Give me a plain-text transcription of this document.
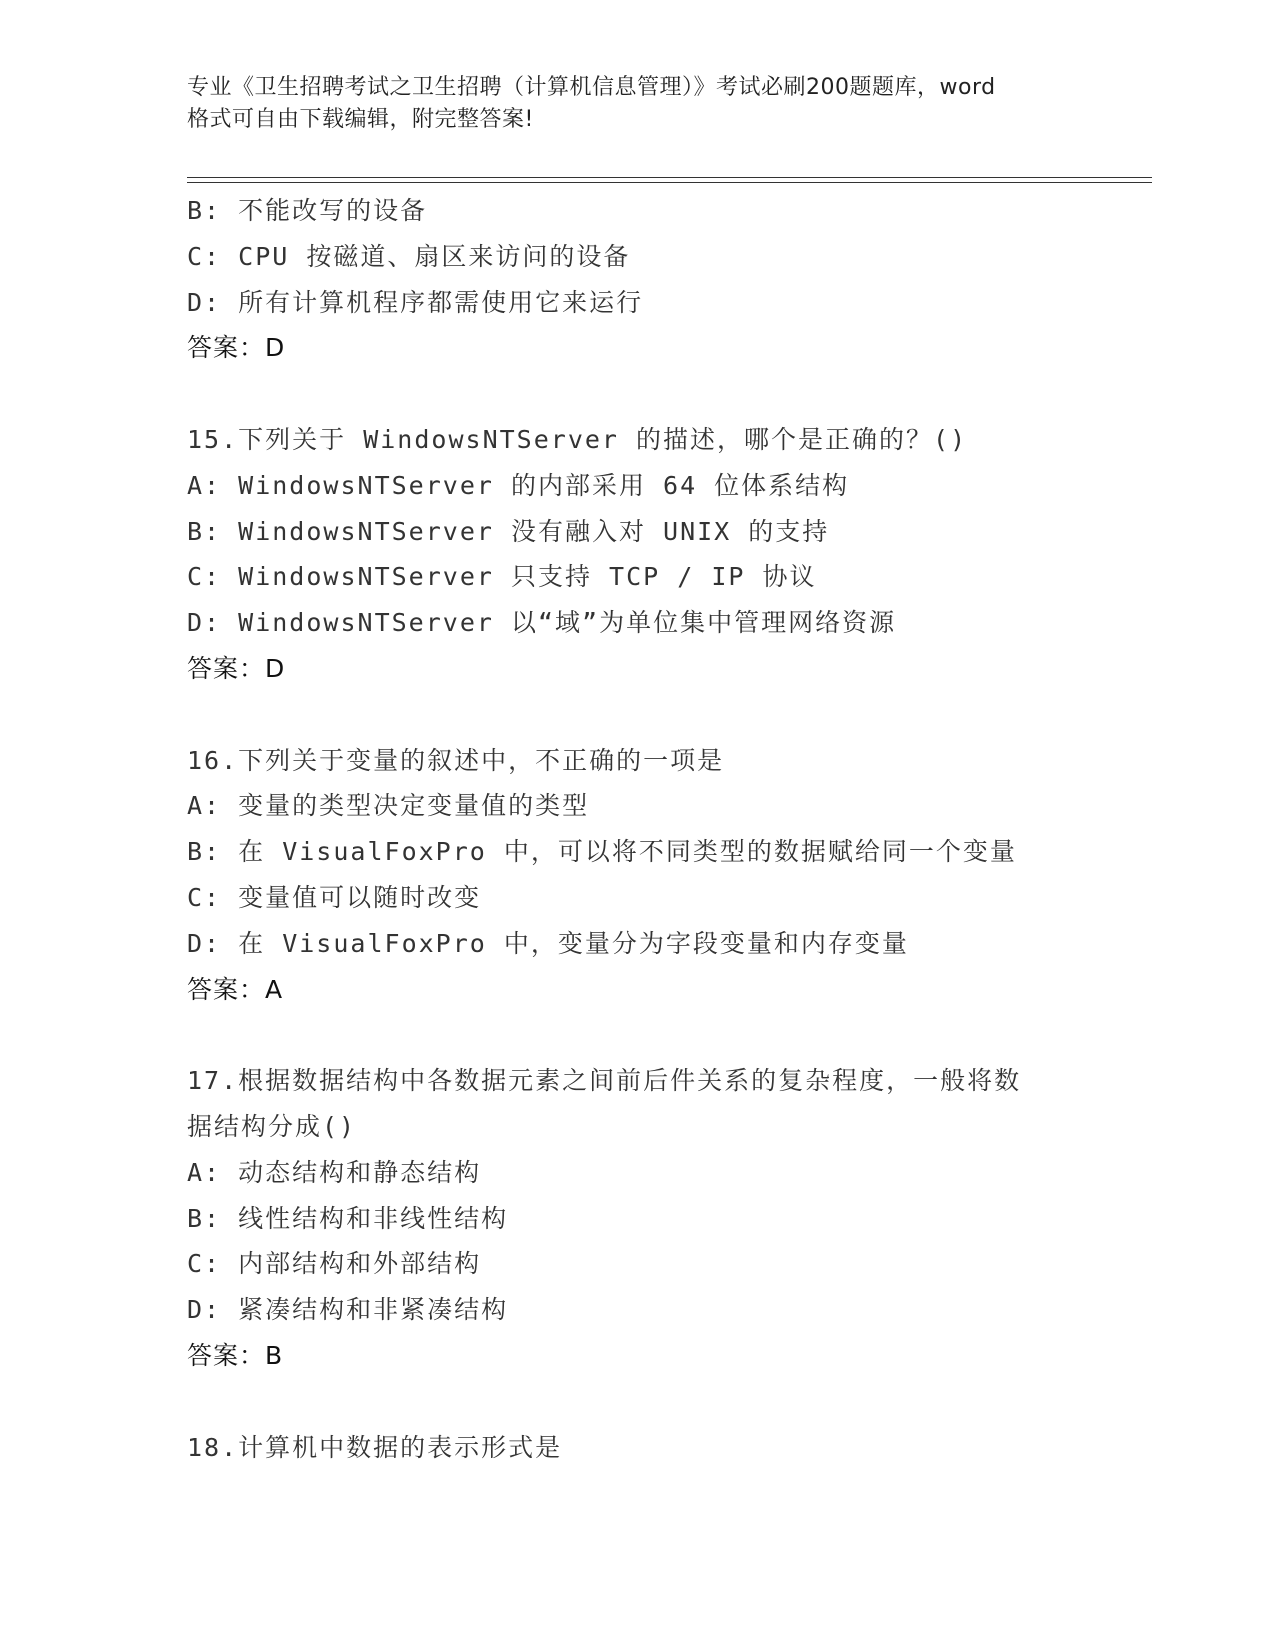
专业《卫生招聘考试之卫生招聘（计算机信息管理）》考试必刷200题题库，word
格式可自由下载编辑，附完整答案!
B: 不能改写的设备
C: CPU 按磁道、扇区来访问的设备
D: 所有计算机程序都需使用它来运行
答案：D
15.下列关于 WindowsNTServer 的描述，哪个是正确的？()
A: WindowsNTServer 的内部采用 64 位体系结构
B: WindowsNTServer 没有融入对 UNIX 的支持
C: WindowsNTServer 只支持 TCP / IP 协议
D: WindowsNTServer 以“域”为单位集中管理网络资源
答案：D
16.下列关于变量的叙述中，不正确的一项是
A: 变量的类型决定变量值的类型
B: 在 VisualFoxPro 中，可以将不同类型的数据赋给同一个变量
C: 变量值可以随时改变
D: 在 VisualFoxPro 中，变量分为字段变量和内存变量
答案：A
17.根据数据结构中各数据元素之间前后件关系的复杂程度，一般将数
据结构分成()
A: 动态结构和静态结构
B: 线性结构和非线性结构
C: 内部结构和外部结构
D: 紧凑结构和非紧凑结构
答案：B
18.计算机中数据的表示形式是
